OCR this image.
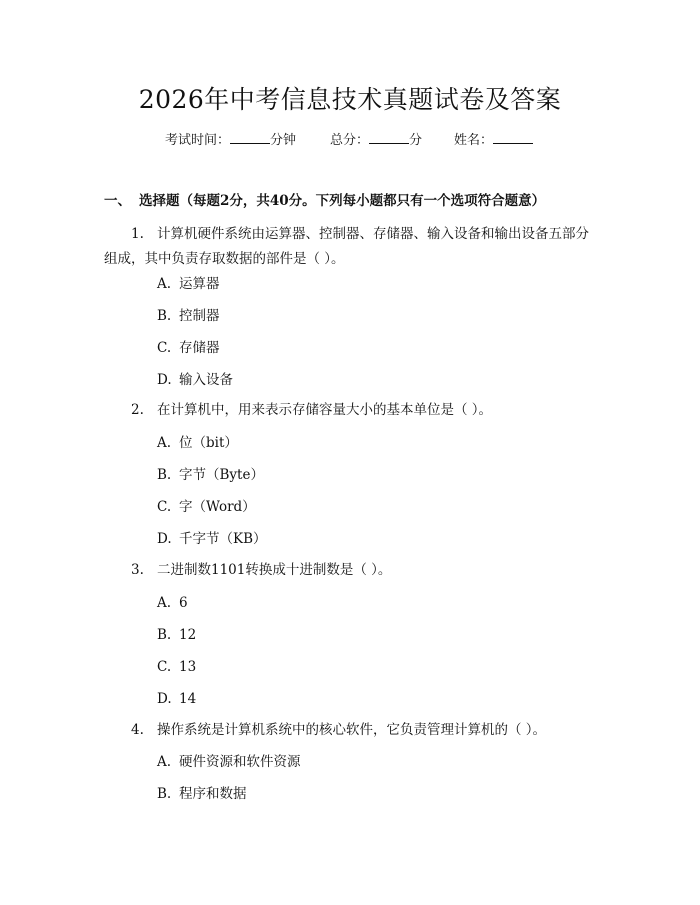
2026年中考信息技术真题试卷及答案
考试时间：	分钟	总分：	分 姓名：
一、 选择题（每题2分，共40分。下列每小题都只有一个选项符合题意）
1. 计算机硬件系统由运算器、控制器、存储器、输入设备和输出设备五部分
组成，其中负责存取数据的部件是（ ）。
A. 运算器
B. 控制器
C. 存储器
D. 输入设备
2. 在计算机中，用来表示存储容量大小的基本单位是（ ）。
A. 位（bit）
B. 字节（Byte）
C. 字（Word）
D. 千字节（KB）
3. 二进制数1101转换成十进制数是（ ）。
A. 6
B. 12
C. 13
D. 14
4. 操作系统是计算机系统中的核心软件，它负责管理计算机的（ ）。
A. 硬件资源和软件资源
B. 程序和数据
